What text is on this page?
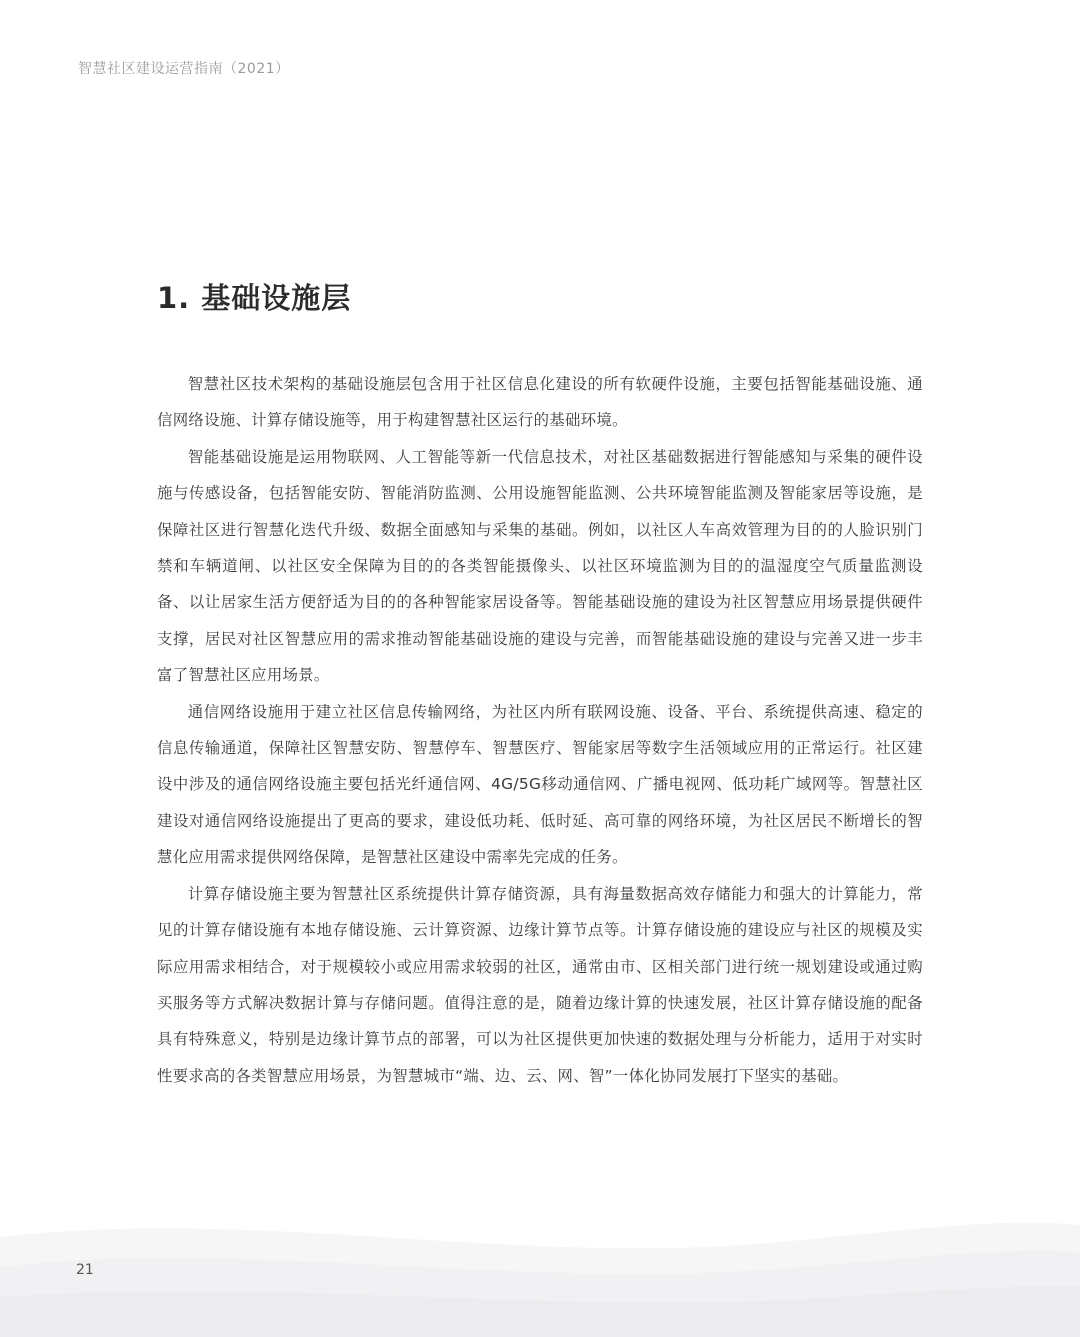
智慧社区建设运营指南（2021）
1. 基础设施层

智慧社区技术架构的基础设施层包含用于社区信息化建设的所有软硬件设施，主要包括智能基础设施、通信网络设施、计算存储设施等，用于构建智慧社区运行的基础环境。

智能基础设施是运用物联网、人工智能等新一代信息技术，对社区基础数据进行智能感知与采集的硬件设施与传感设备，包括智能安防、智能消防监测、公用设施智能监测、公共环境智能监测及智能家居等设施，是保障社区进行智慧化迭代升级、数据全面感知与采集的基础。例如，以社区人车高效管理为目的的人脸识别门禁和车辆道闸、以社区安全保障为目的的各类智能摄像头、以社区环境监测为目的的温湿度空气质量监测设备、以让居家生活方便舒适为目的的各种智能家居设备等。智能基础设施的建设为社区智慧应用场景提供硬件支撑，居民对社区智慧应用的需求推动智能基础设施的建设与完善，而智能基础设施的建设与完善又进一步丰富了智慧社区应用场景。

通信网络设施用于建立社区信息传输网络，为社区内所有联网设施、设备、平台、系统提供高速、稳定的信息传输通道，保障社区智慧安防、智慧停车、智慧医疗、智能家居等数字生活领域应用的正常运行。社区建设中涉及的通信网络设施主要包括光纤通信网、4G/5G移动通信网、广播电视网、低功耗广域网等。智慧社区建设对通信网络设施提出了更高的要求，建设低功耗、低时延、高可靠的网络环境，为社区居民不断增长的智慧化应用需求提供网络保障，是智慧社区建设中需率先完成的任务。

计算存储设施主要为智慧社区系统提供计算存储资源，具有海量数据高效存储能力和强大的计算能力，常见的计算存储设施有本地存储设施、云计算资源、边缘计算节点等。计算存储设施的建设应与社区的规模及实际应用需求相结合，对于规模较小或应用需求较弱的社区，通常由市、区相关部门进行统一规划建设或通过购买服务等方式解决数据计算与存储问题。值得注意的是，随着边缘计算的快速发展，社区计算存储设施的配备具有特殊意义，特别是边缘计算节点的部署，可以为社区提供更加快速的数据处理与分析能力，适用于对实时性要求高的各类智慧应用场景，为智慧城市“端、边、云、网、智”一体化协同发展打下坚实的基础。

21
